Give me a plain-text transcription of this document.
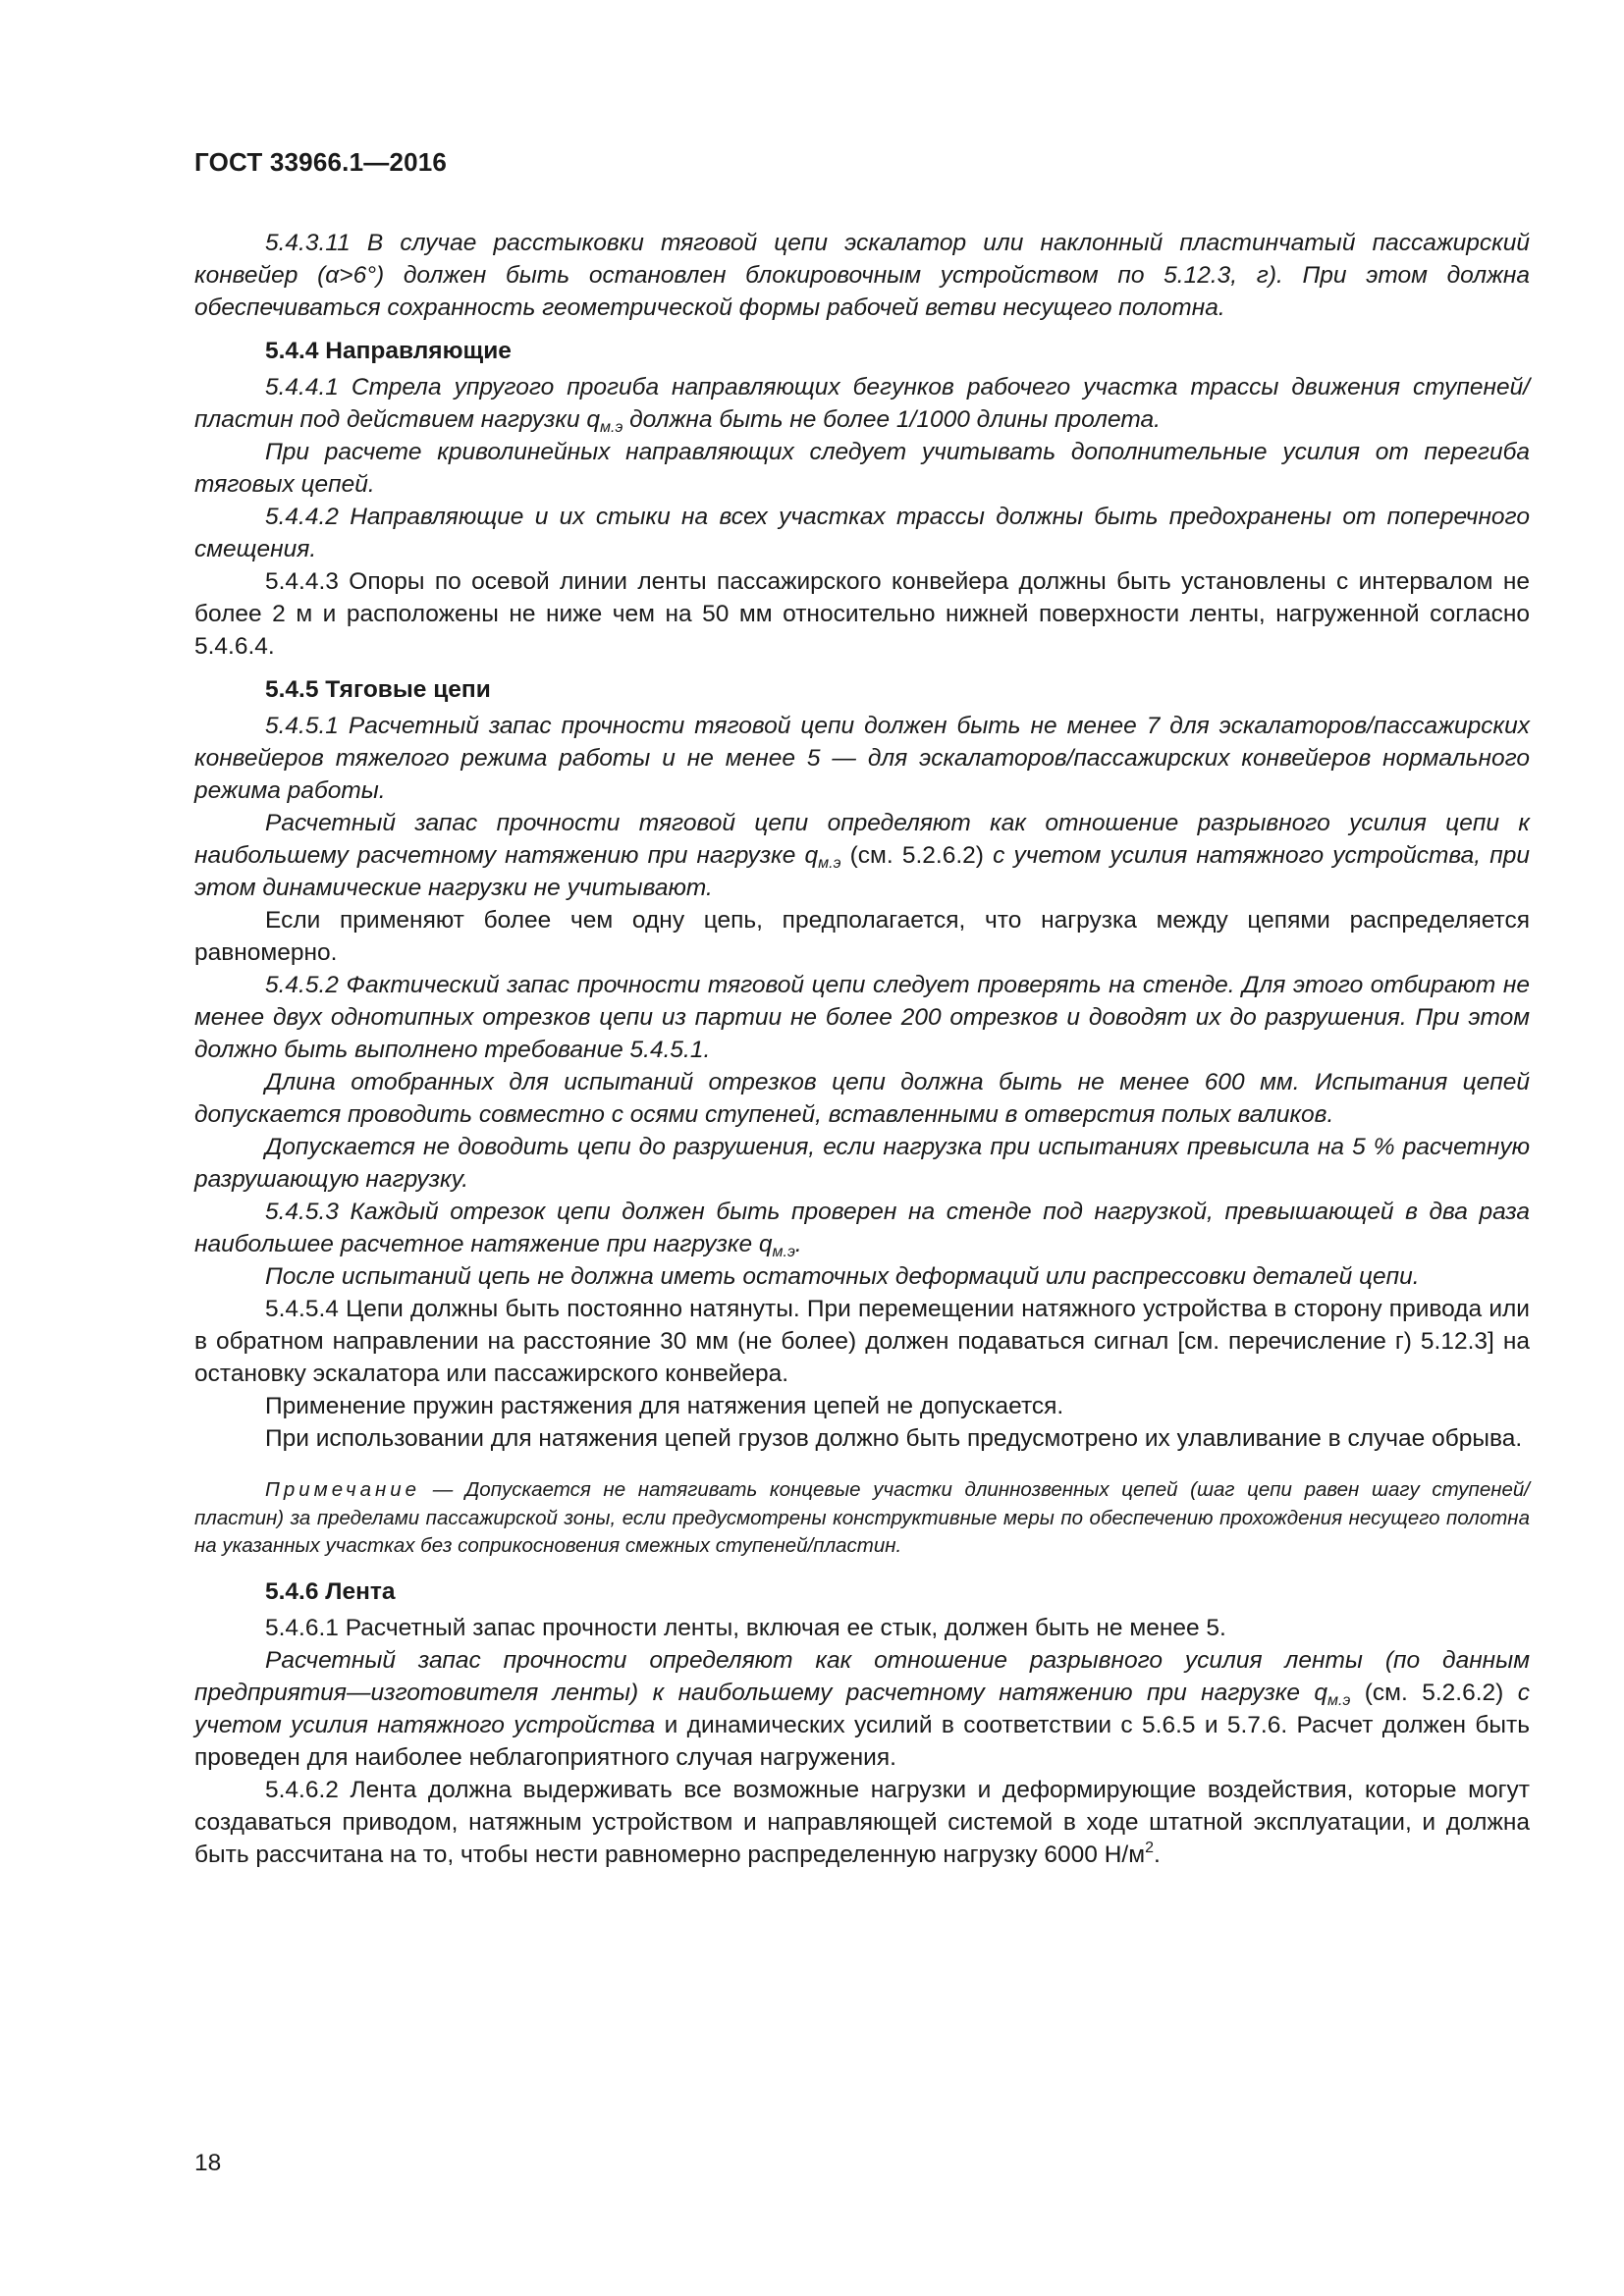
ГОСТ 33966.1—2016

5.4.3.11 В случае расстыковки тяговой цепи эскалатор или наклонный пластинчатый пассажирский конвейер (α>6°) должен быть остановлен блокировочным устройством по 5.12.3, г). При этом должна обеспечиваться сохранность геометрической формы рабочей ветви несущего полотна.

5.4.4 Направляющие

5.4.4.1 Стрела упругого прогиба направляющих бегунков рабочего участка трассы движения ступеней/пластин под действием нагрузки $q_{м.э}$ должна быть не более 1/1000 длины пролета.

При расчете криволинейных направляющих следует учитывать дополнительные усилия от перегиба тяговых цепей.

5.4.4.2 Направляющие и их стыки на всех участках трассы должны быть предохранены от поперечного смещения.

5.4.4.3 Опоры по осевой линии ленты пассажирского конвейера должны быть установлены с интервалом не более 2 м и расположены не ниже чем на 50 мм относительно нижней поверхности ленты, нагруженной согласно 5.4.6.4.

5.4.5 Тяговые цепи

5.4.5.1 Расчетный запас прочности тяговой цепи должен быть не менее 7 для эскалаторов/пассажирских конвейеров тяжелого режима работы и не менее 5 — для эскалаторов/пассажирских конвейеров нормального режима работы.

Расчетный запас прочности тяговой цепи определяют как отношение разрывного усилия цепи к наибольшему расчетному натяжению при нагрузке $q_{м.э}$ (см. 5.2.6.2) с учетом усилия натяжного устройства, при этом динамические нагрузки не учитывают.

Если применяют более чем одну цепь, предполагается, что нагрузка между цепями распределяется равномерно.

5.4.5.2 Фактический запас прочности тяговой цепи следует проверять на стенде. Для этого отбирают не менее двух однотипных отрезков цепи из партии не более 200 отрезков и доводят их до разрушения. При этом должно быть выполнено требование 5.4.5.1.

Длина отобранных для испытаний отрезков цепи должна быть не менее 600 мм. Испытания цепей допускается проводить совместно с осями ступеней, вставленными в отверстия полых валиков.

Допускается не доводить цепи до разрушения, если нагрузка при испытаниях превысила на 5 % расчетную разрушающую нагрузку.

5.4.5.3 Каждый отрезок цепи должен быть проверен на стенде под нагрузкой, превышающей в два раза наибольшее расчетное натяжение при нагрузке $q_{м.э}$.

После испытаний цепь не должна иметь остаточных деформаций или распрессовки деталей цепи.

5.4.5.4 Цепи должны быть постоянно натянуты. При перемещении натяжного устройства в сторону привода или в обратном направлении на расстояние 30 мм (не более) должен подаваться сигнал [см. перечисление г) 5.12.3] на остановку эскалатора или пассажирского конвейера.

Применение пружин растяжения для натяжения цепей не допускается.

При использовании для натяжения цепей грузов должно быть предусмотрено их улавливание в случае обрыва.

Примечание — Допускается не натягивать концевые участки длиннозвенных цепей (шаг цепи равен шагу ступеней/пластин) за пределами пассажирской зоны, если предусмотрены конструктивные меры по обеспечению прохождения несущего полотна на указанных участках без соприкосновения смежных ступеней/пластин.
5.4.6 Лента

5.4.6.1 Расчетный запас прочности ленты, включая ее стык, должен быть не менее 5.

Расчетный запас прочности определяют как отношение разрывного усилия ленты (по данным предприятия—изготовителя ленты) к наибольшему расчетному натяжению при нагрузке $q_{м.э}$ (см. 5.2.6.2) с учетом усилия натяжного устройства и динамических усилий в соответствии с 5.6.5 и 5.7.6. Расчет должен быть проведен для наиболее неблагоприятного случая нагружения.

5.4.6.2 Лента должна выдерживать все возможные нагрузки и деформирующие воздействия, которые могут создаваться приводом, натяжным устройством и направляющей системой в ходе штатной эксплуатации, и должна быть рассчитана на то, чтобы нести равномерно распределенную нагрузку 6000 $Н/м^2$.

18
